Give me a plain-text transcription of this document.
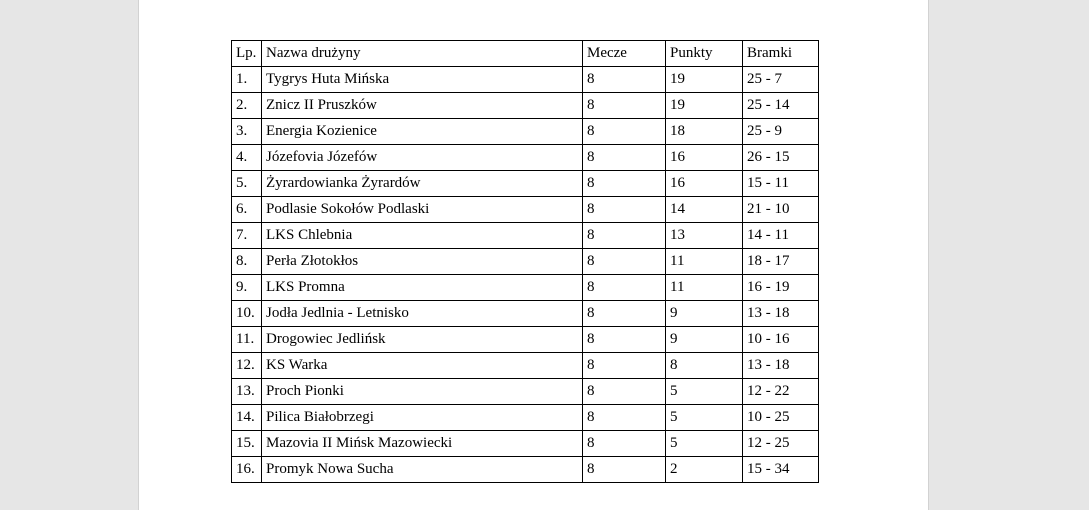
Lp.	Nazwa drużyny	Mecze	Punkty	Bramki
1.	Tygrys Huta Mińska	8	19	25 - 7
2.	Znicz II Pruszków	8	19	25 - 14
3.	Energia Kozienice	8	18	25 - 9
4.	Józefovia Józefów	8	16	26 - 15
5.	Żyrardowianka Żyrardów	8	16	15 - 11
6.	Podlasie Sokołów Podlaski	8	14	21 - 10
7.	LKS Chlebnia	8	13	14 - 11
8.	Perła Złotokłos	8	11	18 - 17
9.	LKS Promna	8	11	16 - 19
10.	Jodła Jedlnia - Letnisko	8	9	13 - 18
11.	Drogowiec Jedlińsk	8	9	10 - 16
12.	KS Warka	8	8	13 - 18
13.	Proch Pionki	8	5	12 - 22
14.	Pilica Białobrzegi	8	5	10 - 25
15.	Mazovia II Mińsk Mazowiecki	8	5	12 - 25
16.	Promyk Nowa Sucha	8	2	15 - 34
